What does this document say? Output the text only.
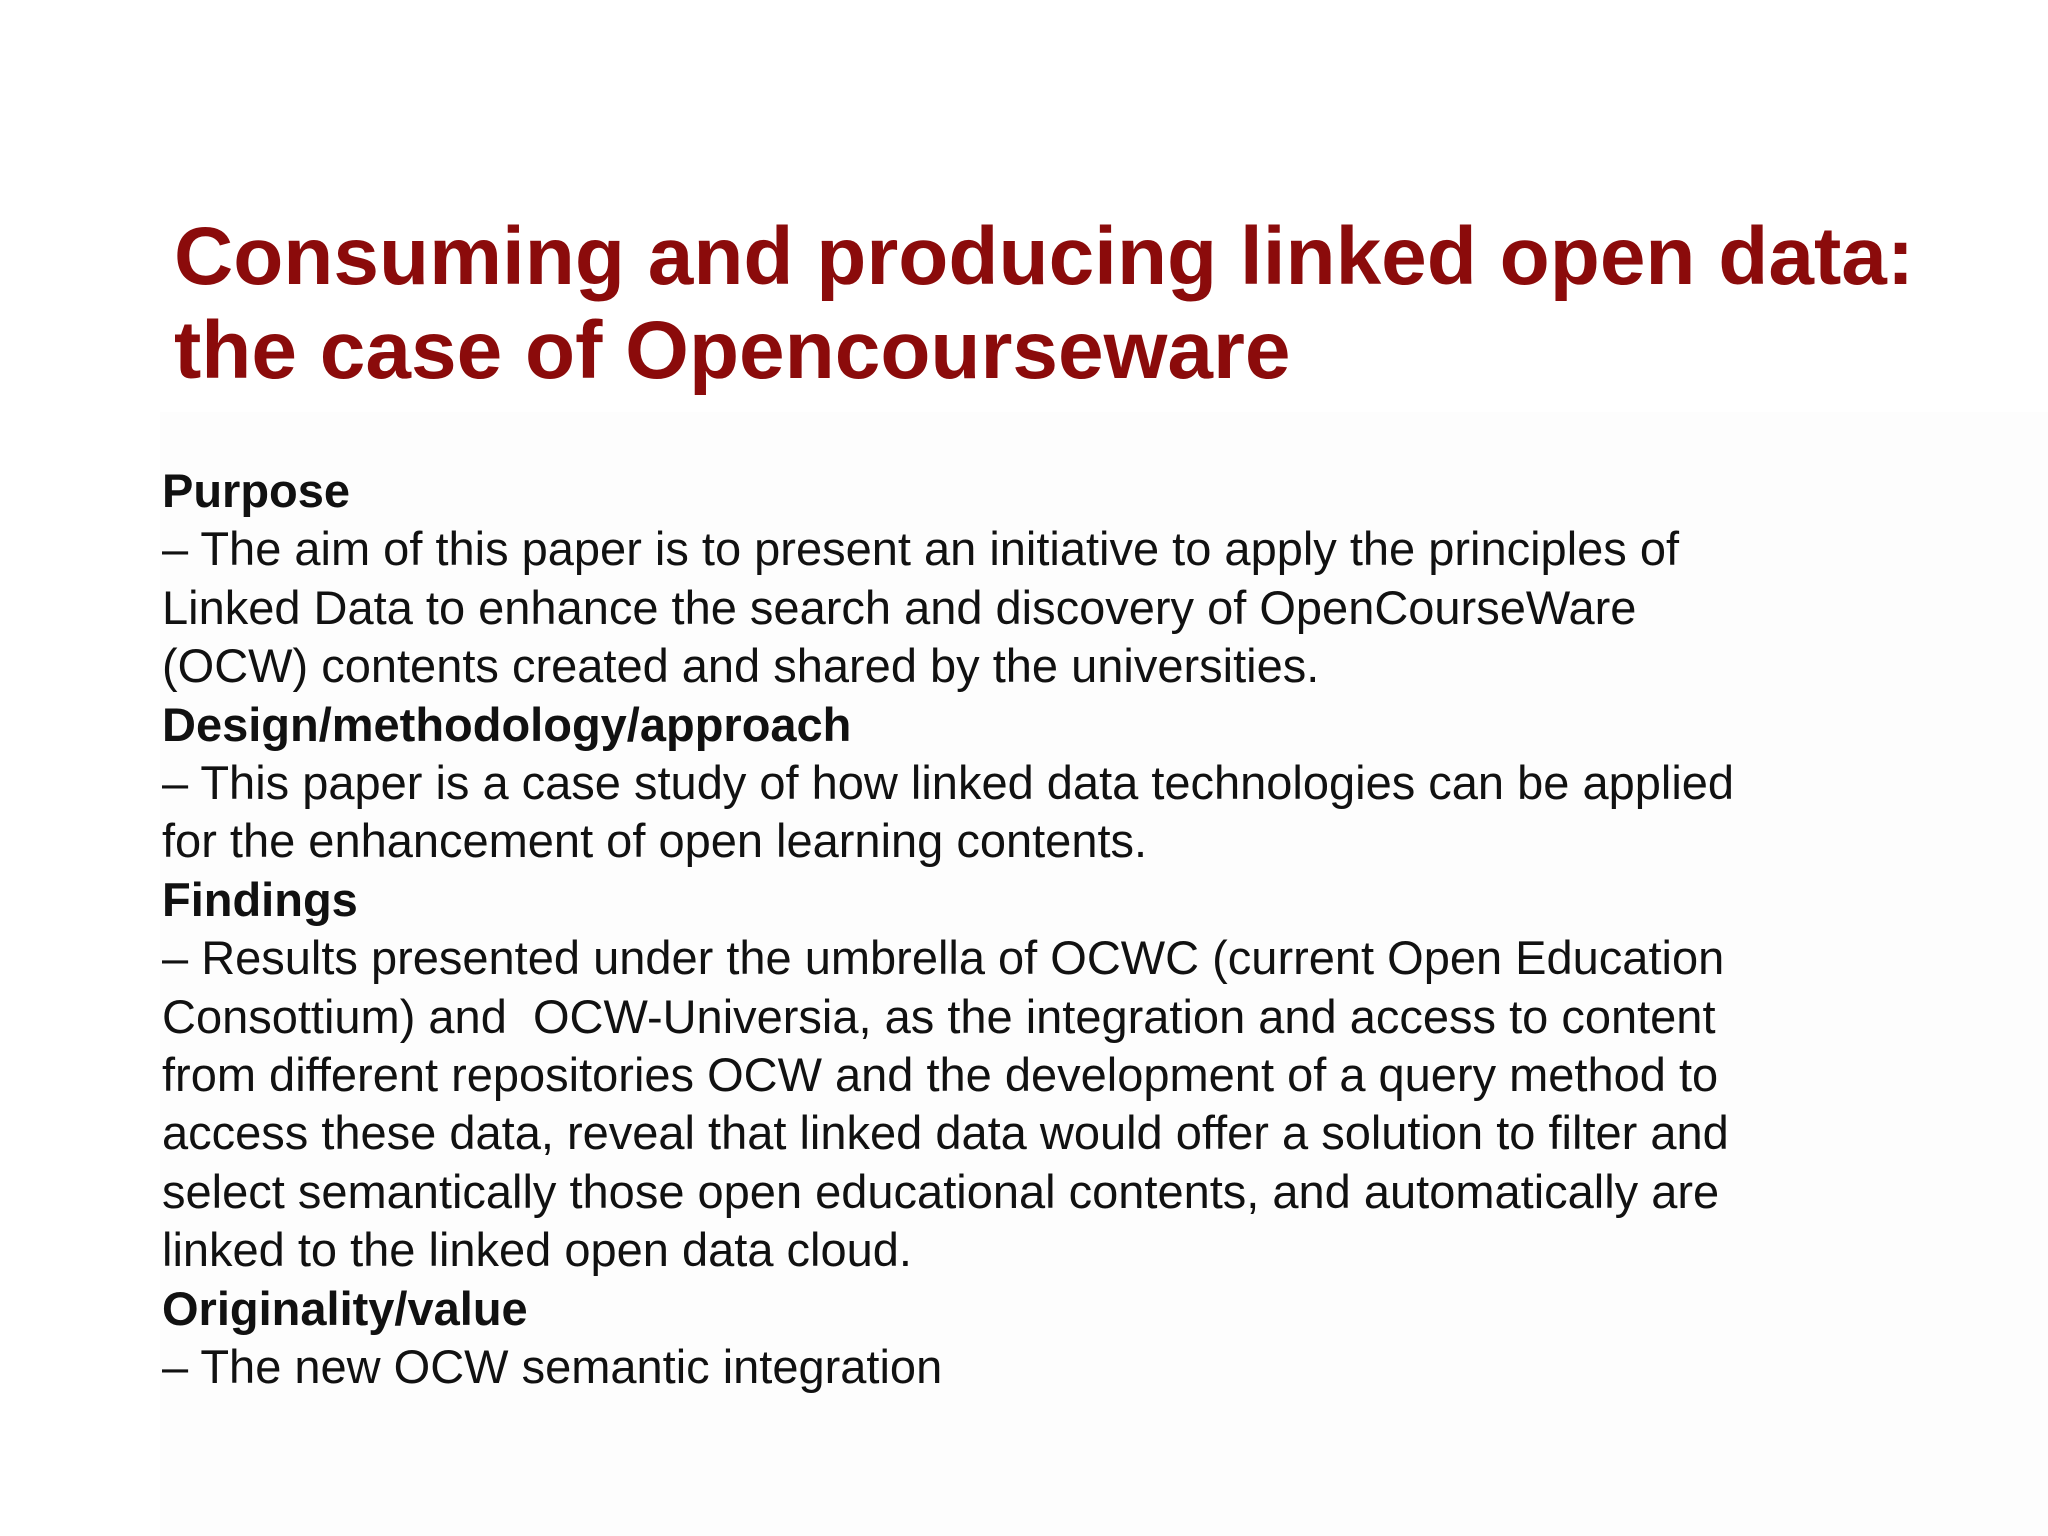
Consuming and producing linked open data:
the case of Opencourseware
Purpose
– The aim of this paper is to present an initiative to apply the principles of
Linked Data to enhance the search and discovery of OpenCourseWare
(OCW) contents created and shared by the universities.
Design/methodology/approach
– This paper is a case study of how linked data technologies can be applied
for the enhancement of open learning contents.
Findings
– Results presented under the umbrella of OCWC (current Open Education
Consottium) and  OCW-Universia, as the integration and access to content
from different repositories OCW and the development of a query method to
access these data, reveal that linked data would offer a solution to filter and
select semantically those open educational contents, and automatically are
linked to the linked open data cloud.
Originality/value
– The new OCW semantic integration
